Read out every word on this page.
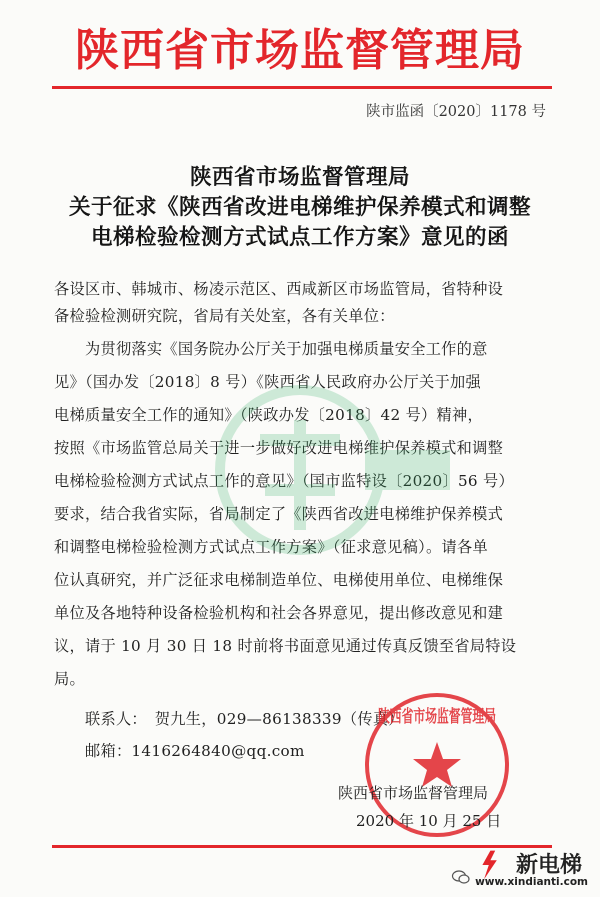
陕西省市场监督管理局
陕市监函〔2020〕1178 号
陕西省市场监督管理局
关于征求《陕西省改进电梯维护保养模式和调整
电梯检验检测方式试点工作方案》意见的函
各设区市、韩城市、杨凌示范区、西咸新区市场监管局，省特种设
备检验检测研究院，省局有关处室，各有关单位：
　　为贯彻落实《国务院办公厅关于加强电梯质量安全工作的意
见》（国办发〔2018〕8 号）《陕西省人民政府办公厅关于加强
电梯质量安全工作的通知》（陕政办发〔2018〕42 号）精神，
按照《市场监管总局关于进一步做好改进电梯维护保养模式和调整
电梯检验检测方式试点工作的意见》（国市监特设〔2020〕56 号）
要求，结合我省实际，省局制定了《陕西省改进电梯维护保养模式
和调整电梯检验检测方式试点工作方案》（征求意见稿）。请各单
位认真研究，并广泛征求电梯制造单位、电梯使用单位、电梯维保
单位及各地特种设备检验机构和社会各界意见，提出修改意见和建
议，请于 10 月 30 日 18 时前将书面意见通过传真反馈至省局特设
局。
　　联系人：　贺九生，029—86138339（传真）
　　邮箱：1416264840@qq.com
陕西省市场监督管理局
陕西省市场监督管理局
2020 年 10 月 25 日
新电梯
www.xindianti.com
